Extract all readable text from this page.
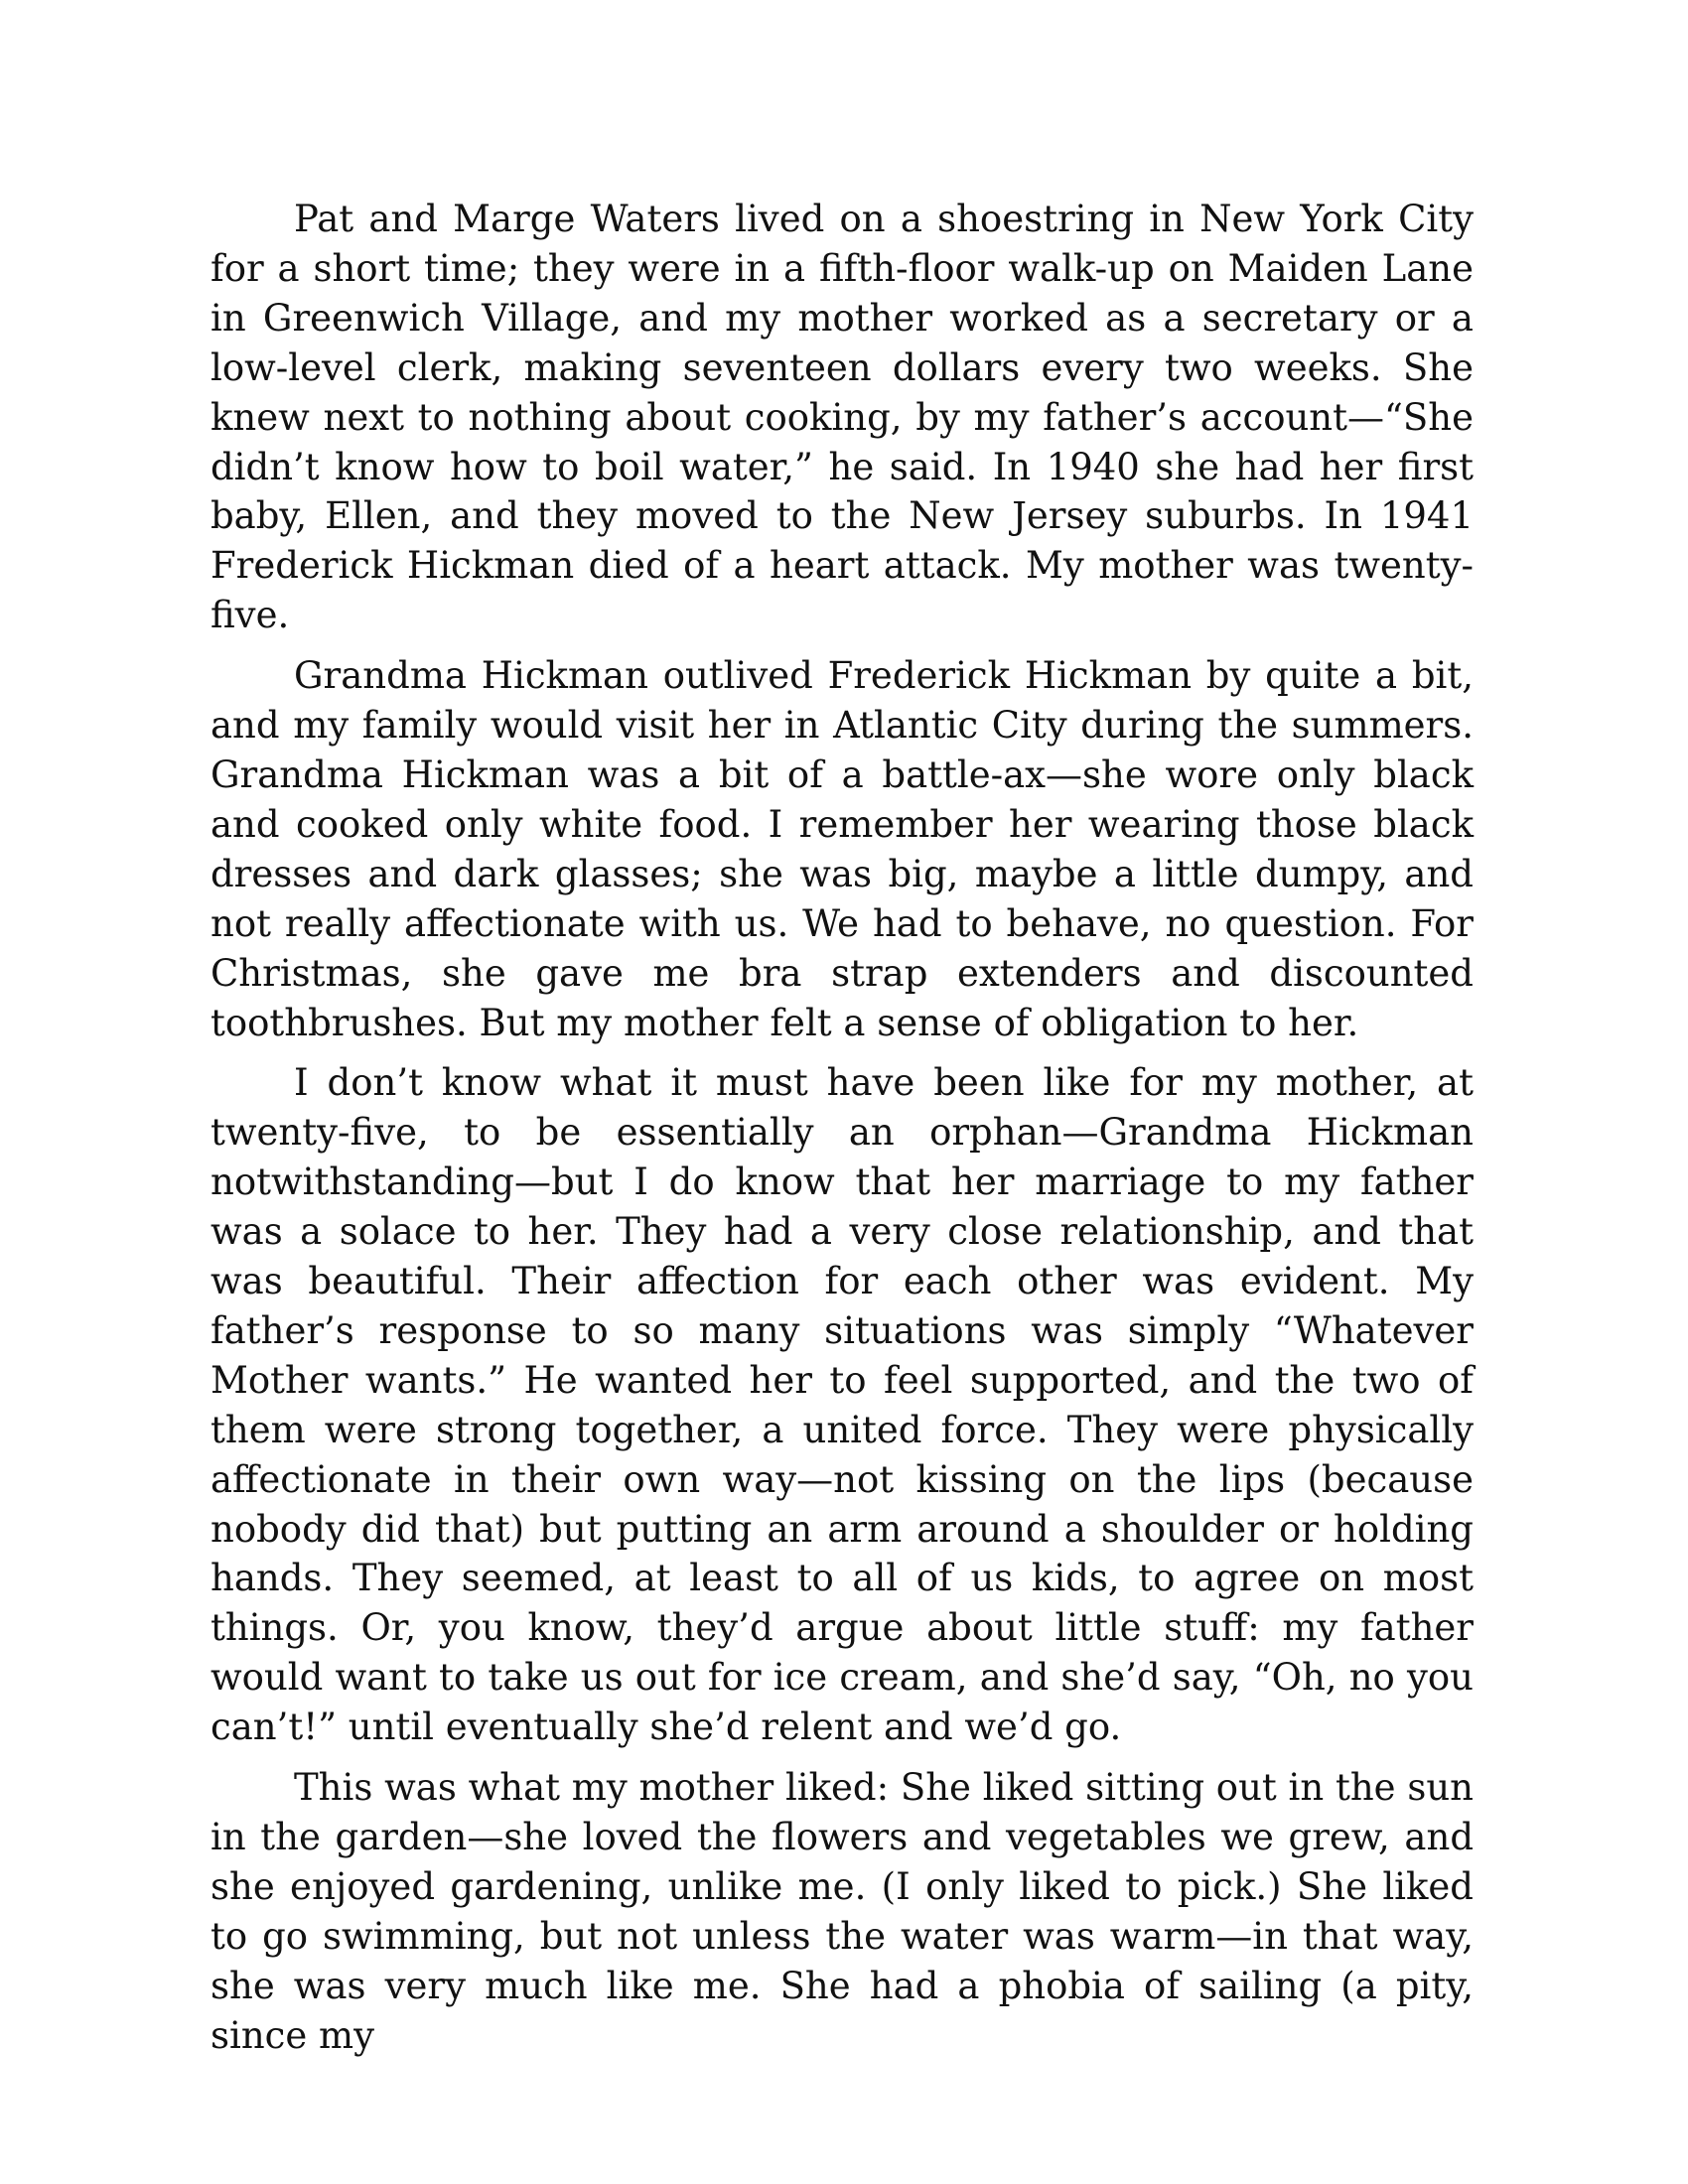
Pat and Marge Waters lived on a shoestring in New York City for a short time; they were in a fifth-floor walk-up on Maiden Lane in Greenwich Village, and my mother worked as a secretary or a low-level clerk, making seventeen dollars every two weeks. She knew next to nothing about cooking, by my father’s account—“She didn’t know how to boil water,” he said. In 1940 she had her first baby, Ellen, and they moved to the New Jersey suburbs. In 1941 Frederick Hickman died of a heart attack. My mother was twenty-five.

Grandma Hickman outlived Frederick Hickman by quite a bit, and my family would visit her in Atlantic City during the summers. Grandma Hickman was a bit of a battle-ax—she wore only black and cooked only white food. I remember her wearing those black dresses and dark glasses; she was big, maybe a little dumpy, and not really affectionate with us. We had to behave, no question. For Christmas, she gave me bra strap extenders and discounted toothbrushes. But my mother felt a sense of obligation to her.

I don’t know what it must have been like for my mother, at twenty-five, to be essentially an orphan—Grandma Hickman notwithstanding—but I do know that her marriage to my father was a solace to her. They had a very close relationship, and that was beautiful. Their affection for each other was evident. My father’s response to so many situations was simply “Whatever Mother wants.” He wanted her to feel supported, and the two of them were strong together, a united force. They were physically affectionate in their own way—not kissing on the lips (because nobody did that) but putting an arm around a shoulder or holding hands. They seemed, at least to all of us kids, to agree on most things. Or, you know, they’d argue about little stuff: my father would want to take us out for ice cream, and she’d say, “Oh, no you can’t!” until eventually she’d relent and we’d go.

This was what my mother liked: She liked sitting out in the sun in the garden—she loved the flowers and vegetables we grew, and she enjoyed gardening, unlike me. (I only liked to pick.) She liked to go swimming, but not unless the water was warm—in that way, she was very much like me. She had a phobia of sailing (a pity, since my
